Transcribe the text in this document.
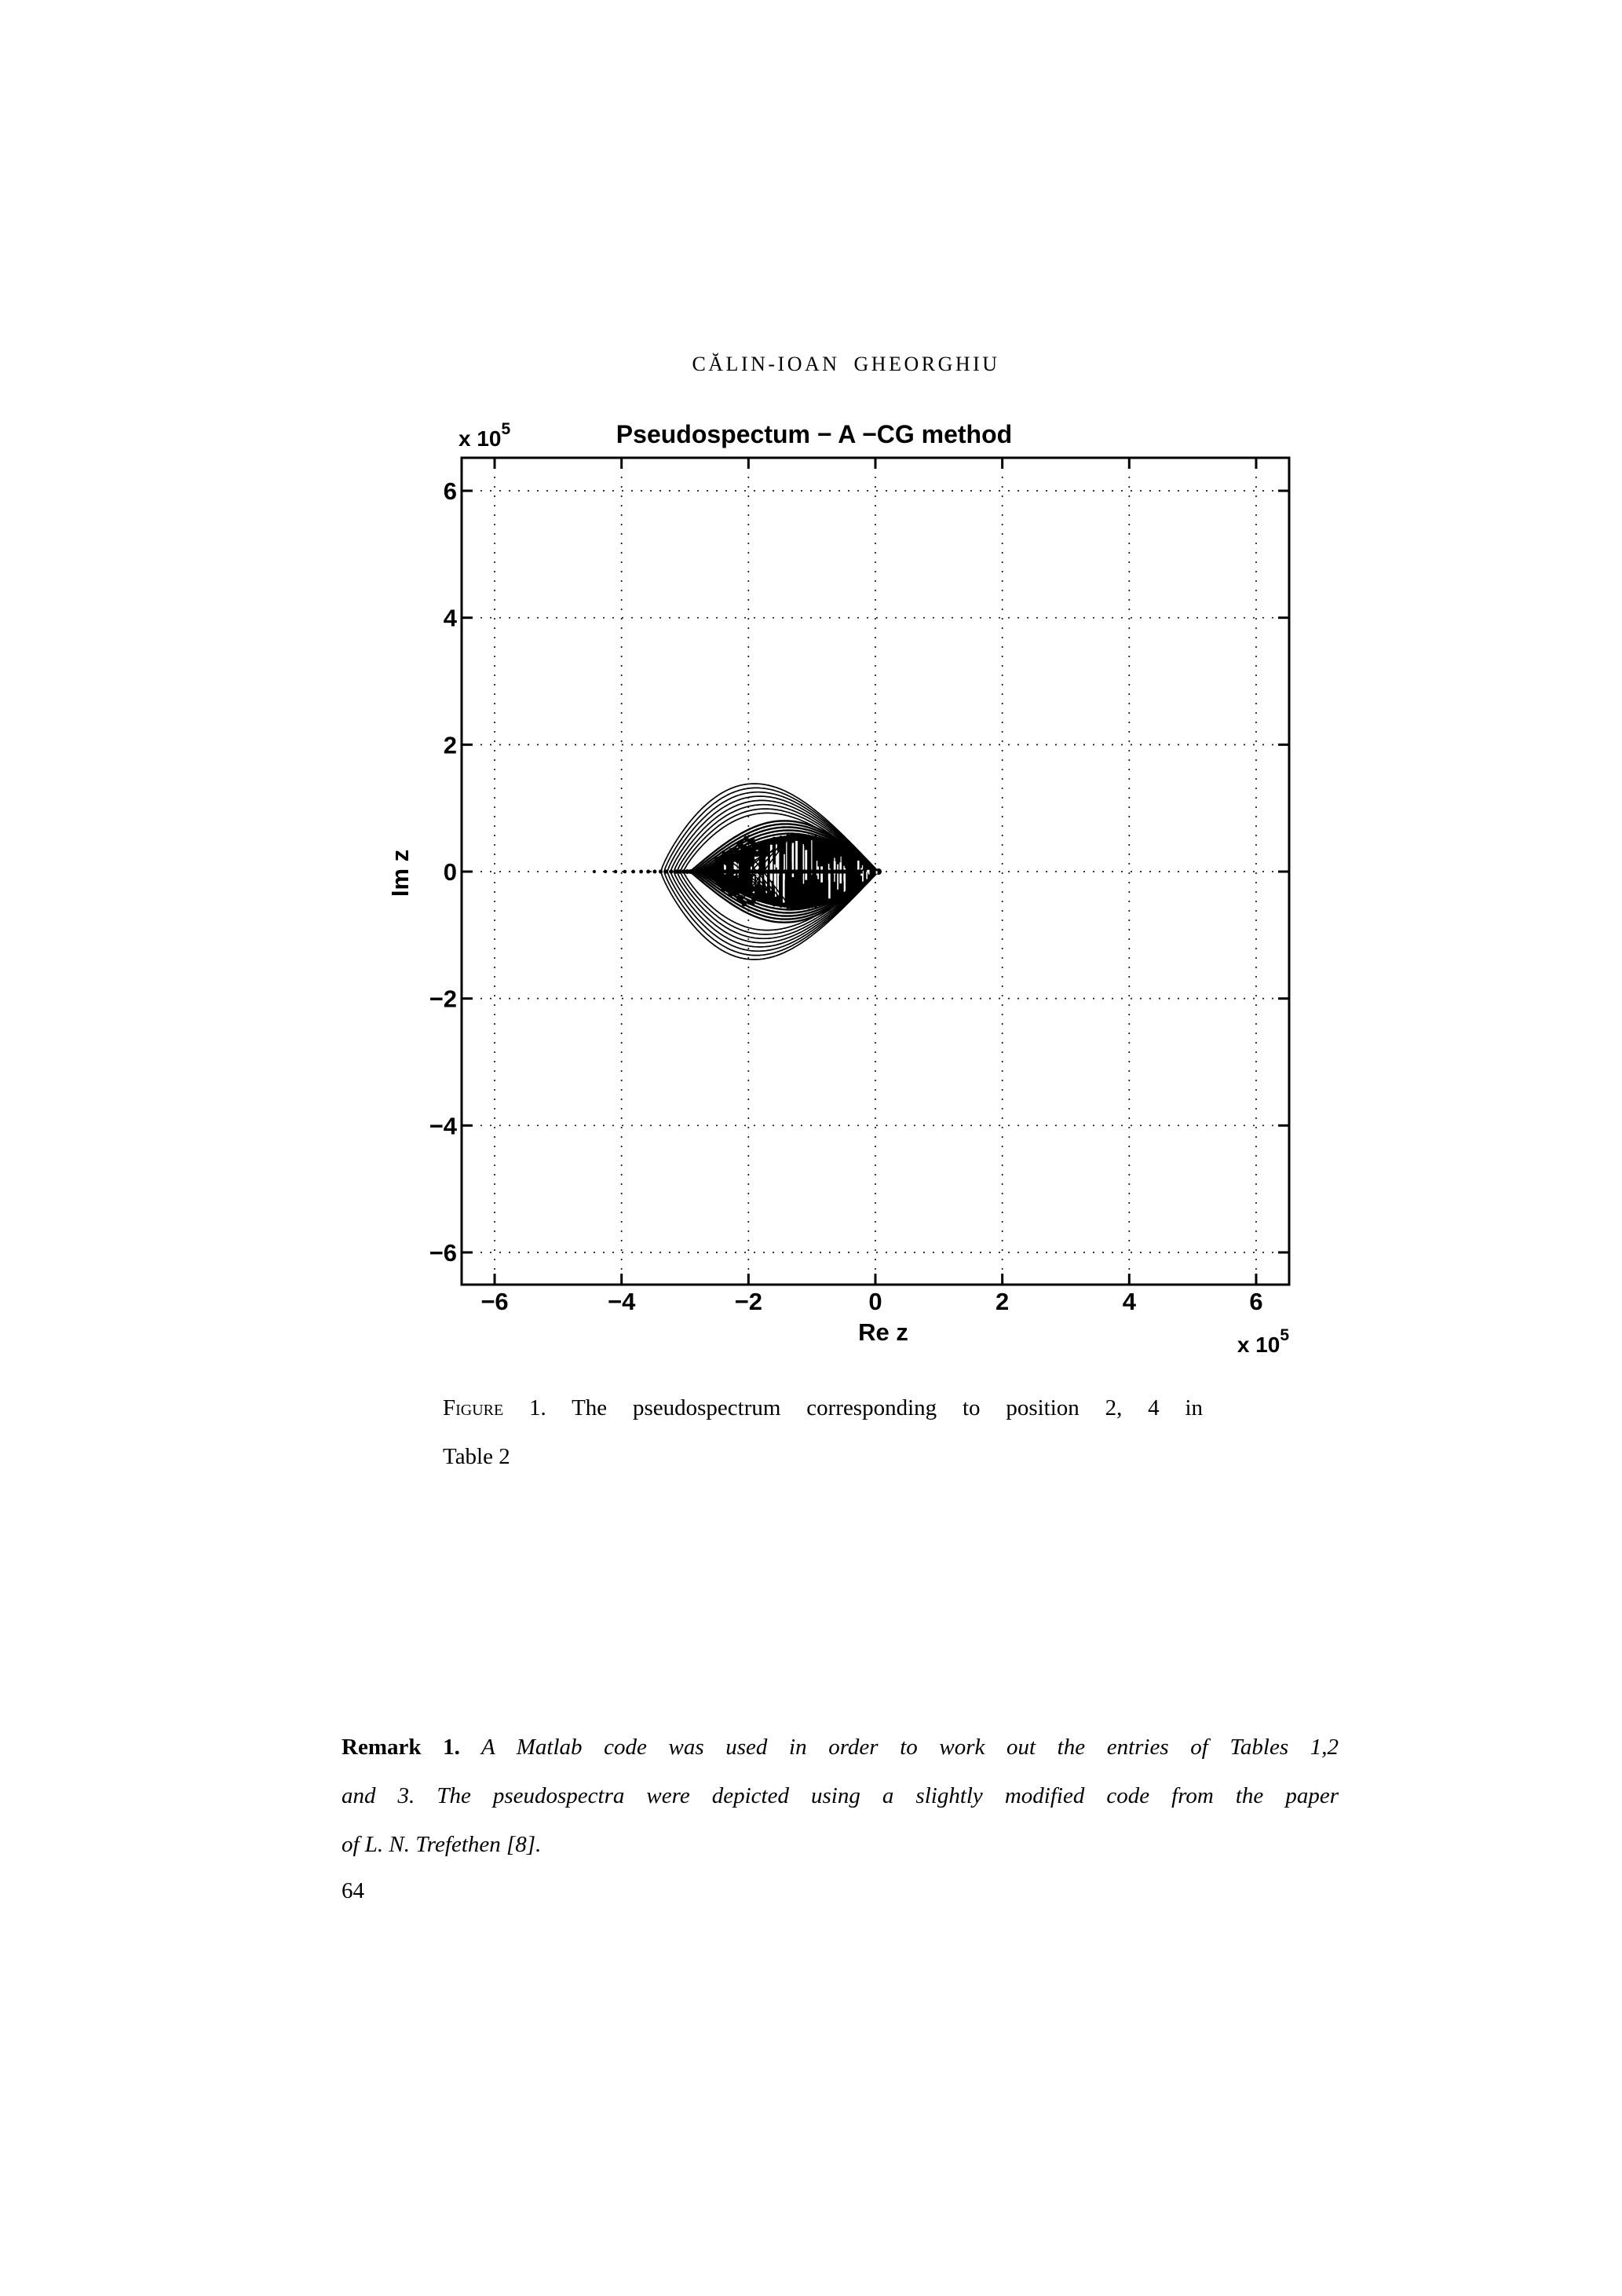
CĂLIN-IOAN GHEORGHIU
−6	−4	−2	0	2	4	6
6
4
2
0
−2
−4
−6
Pseudospectum − A −CG method
x $10^5$
x $10^5$
Re z
Im z
Figure 1. The pseudospectrum corresponding to position 2, 4 in
Table 2
Remark 1. A Matlab code was used in order to work out the entries of Tables 1,2
and 3. The pseudospectra were depicted using a slightly modified code from the paper
of L. N. Trefethen [8].
64
